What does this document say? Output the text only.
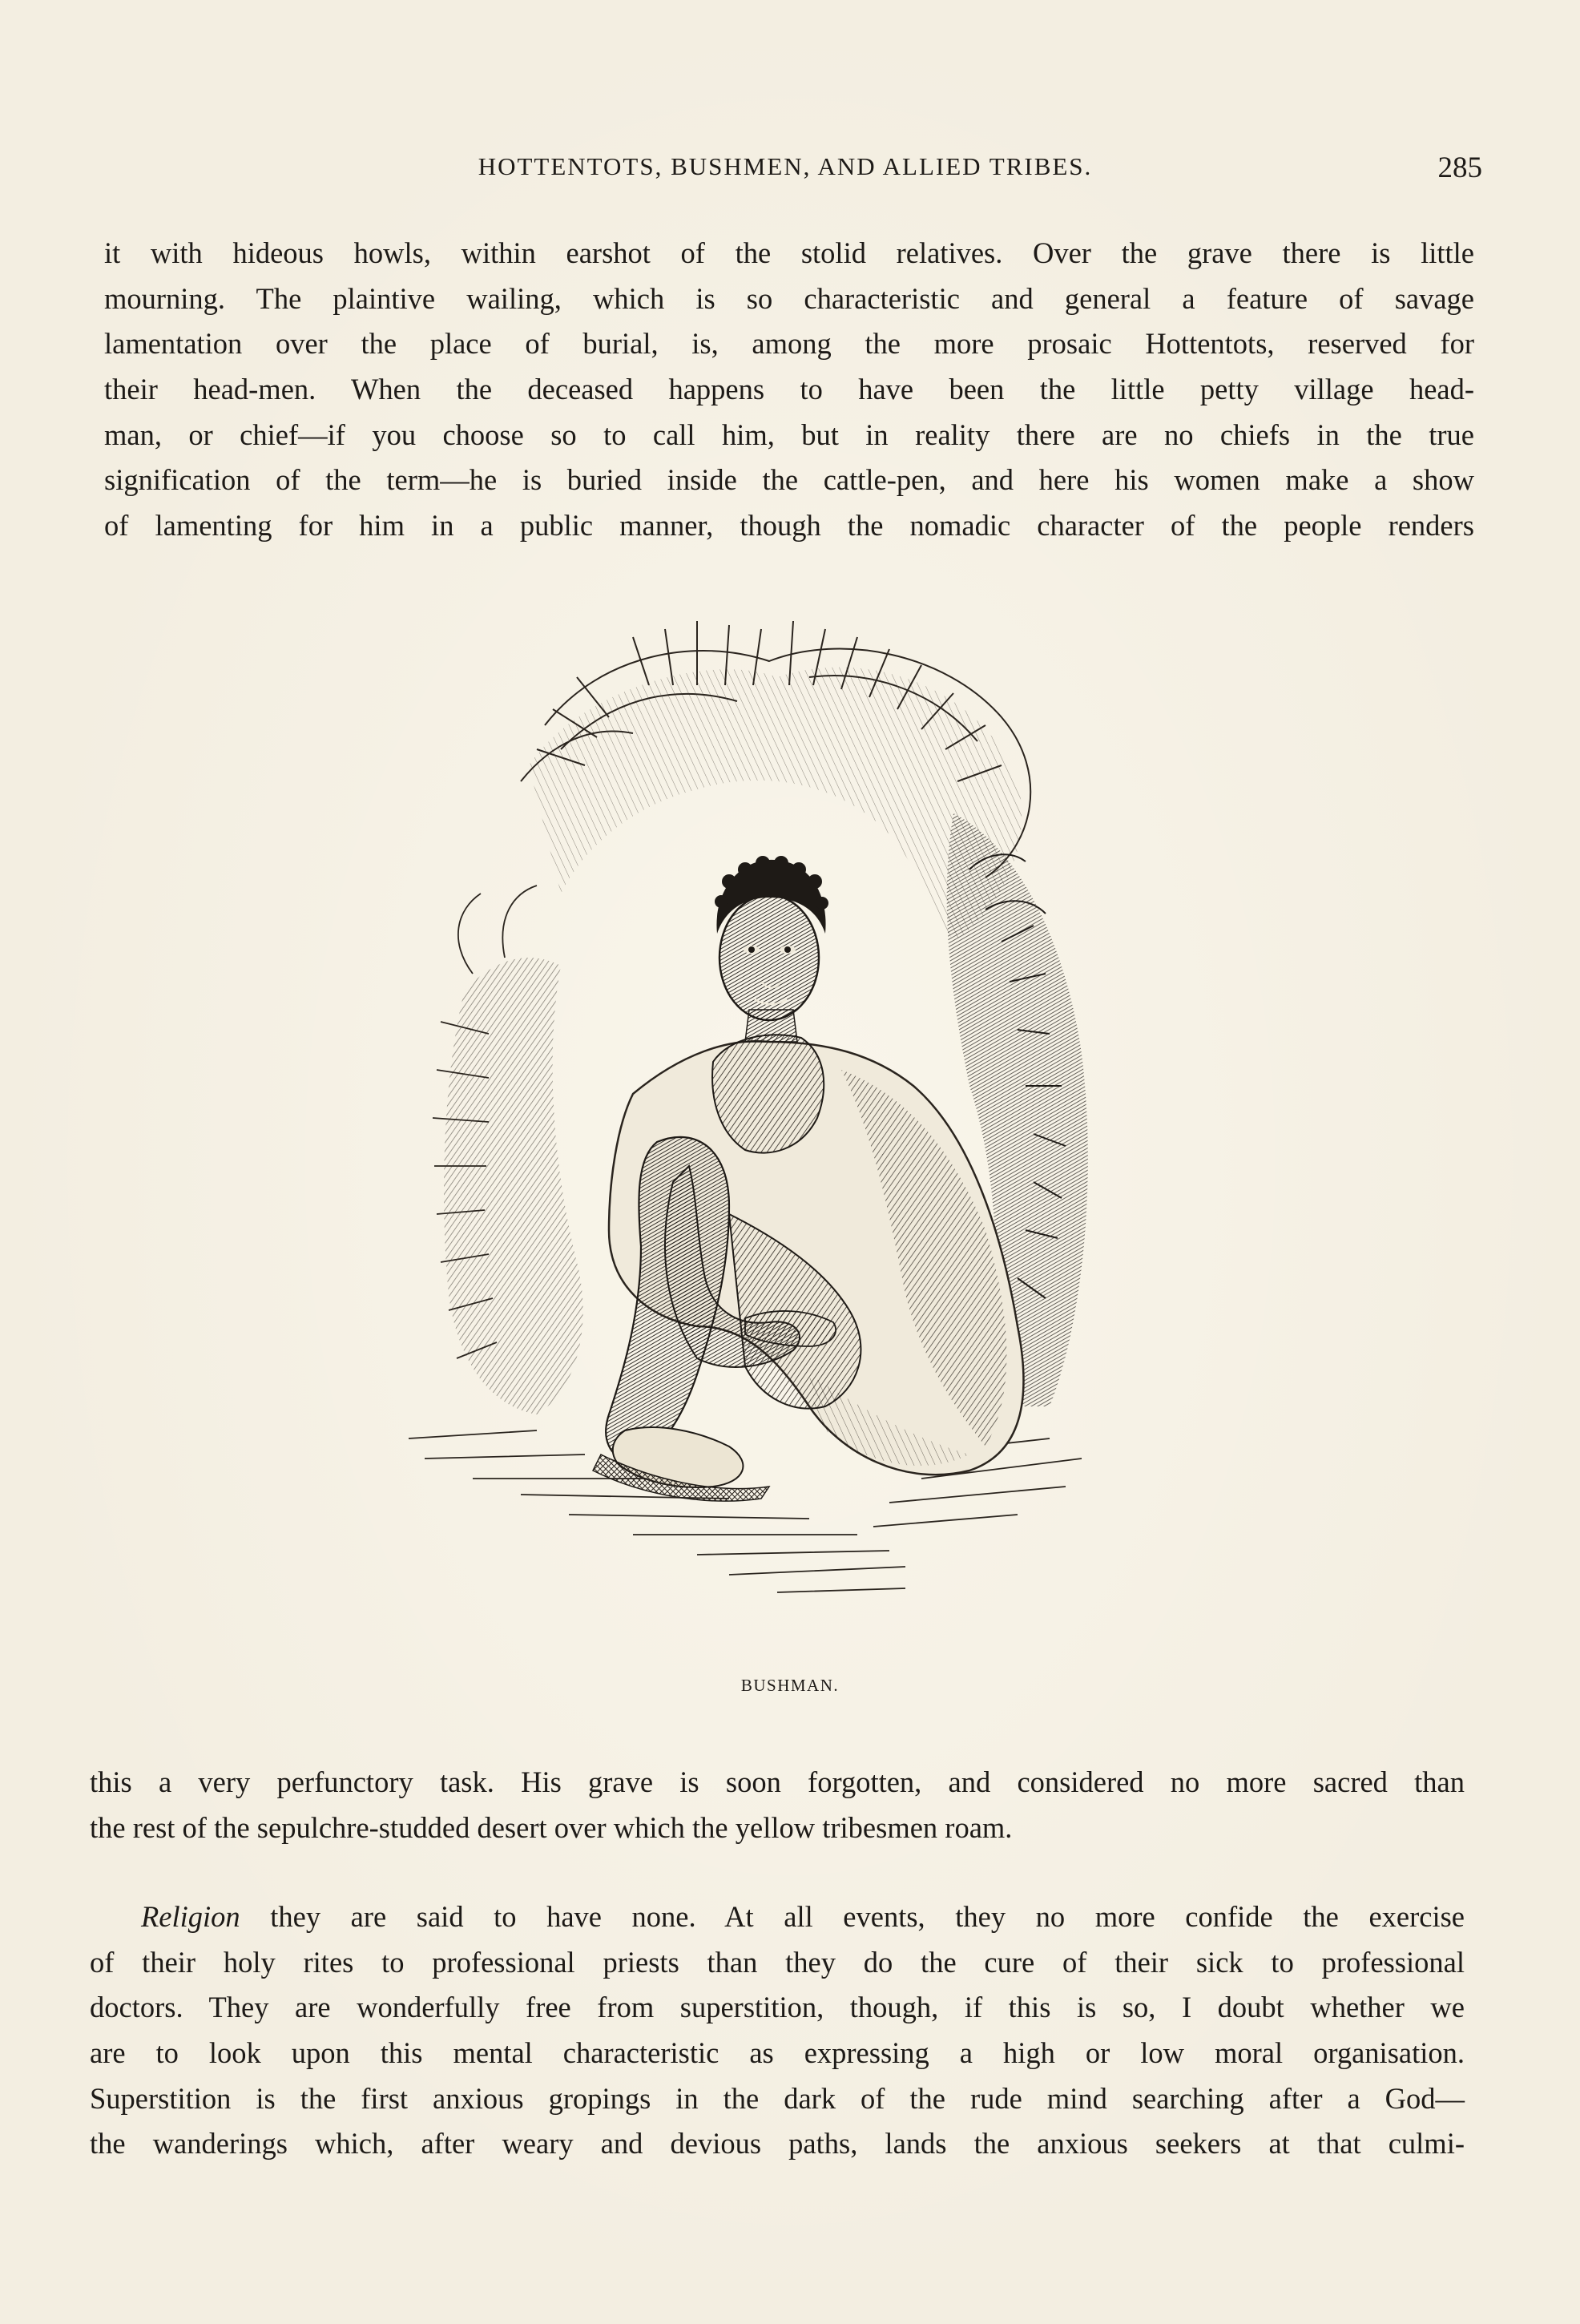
HOTTENTOTS, BUSHMEN, AND ALLIED TRIBES.	285
it with hideous howls, within earshot of the stolid relatives. Over the grave there is little
mourning. The plaintive wailing, which is so characteristic and general a feature of savage
lamentation over the place of burial, is, among the more prosaic Hottentots, reserved for
their head-men. When the deceased happens to have been the little petty village head-
man, or chief—if you choose so to call him, but in reality there are no chiefs in the true
signification of the term—he is buried inside the cattle-pen, and here his women make a show
of lamenting for him in a public manner, though the nomadic character of the people renders
BUSHMAN.
this a very perfunctory task. His grave is soon forgotten, and considered no more sacred than
the rest of the sepulchre-studded desert over which the yellow tribesmen roam.
Religion they are said to have none. At all events, they no more confide the exercise
of their holy rites to professional priests than they do the cure of their sick to professional
doctors. They are wonderfully free from superstition, though, if this is so, I doubt whether we
are to look upon this mental characteristic as expressing a high or low moral organisation.
Superstition is the first anxious gropings in the dark of the rude mind searching after a God—
the wanderings which, after weary and devious paths, lands the anxious seekers at that culmi-
